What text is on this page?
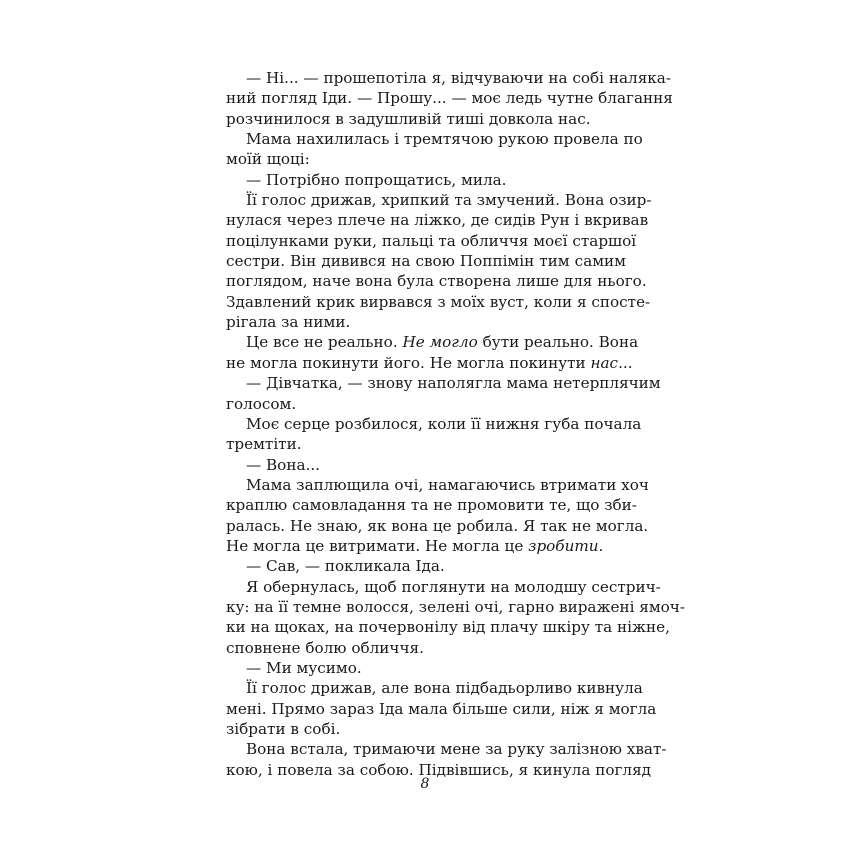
— Ні... — прошепотіла я, відчуваючи на собі наляка-
ний погляд Іди. — Прошу... — моє ледь чутне благання
розчинилося в задушливій тиші довкола нас.
Мама нахилилась і тремтячою рукою провела по
моїй щоці:
— Потрібно попрощатись, мила.
Її голос дрижав, хрипкий та змучений. Вона озир-
нулася через плече на ліжко, де сидів Рун і вкривав
поцілунками руки, пальці та обличчя моєї старшої
сестри. Він дивився на свою Поппімін тим самим
поглядом, наче вона була створена лише для нього.
Здавлений крик вирвався з моїх вуст, коли я спосте-
рігала за ними.
Це все не реально. Не могло бути реально. Вона
не могла покинути його. Не могла покинути нас...
— Дівчатка, — знову наполягла мама нетерплячим
голосом.
Моє серце розбилося, коли її нижня губа почала
тремтіти.
— Вона...
Мама заплющила очі, намагаючись втримати хоч
краплю самовладання та не промовити те, що зби-
ралась. Не знаю, як вона це робила. Я так не могла.
Не могла це витримати. Не могла це зробити.
— Сав, — покликала Іда.
Я обернулась, щоб поглянути на молодшу сестрич-
ку: на її темне волосся, зелені очі, гарно виражені ямоч-
ки на щоках, на почервонілу від плачу шкіру та ніжне,
сповнене болю обличчя.
— Ми мусимо.
Її голос дрижав, але вона підбадьорливо кивнула
мені. Прямо зараз Іда мала більше сили, ніж я могла
зібрати в собі.
Вона встала, тримаючи мене за руку залізною хват-
кою, і повела за собою. Підвівшись, я кинула погляд
8
